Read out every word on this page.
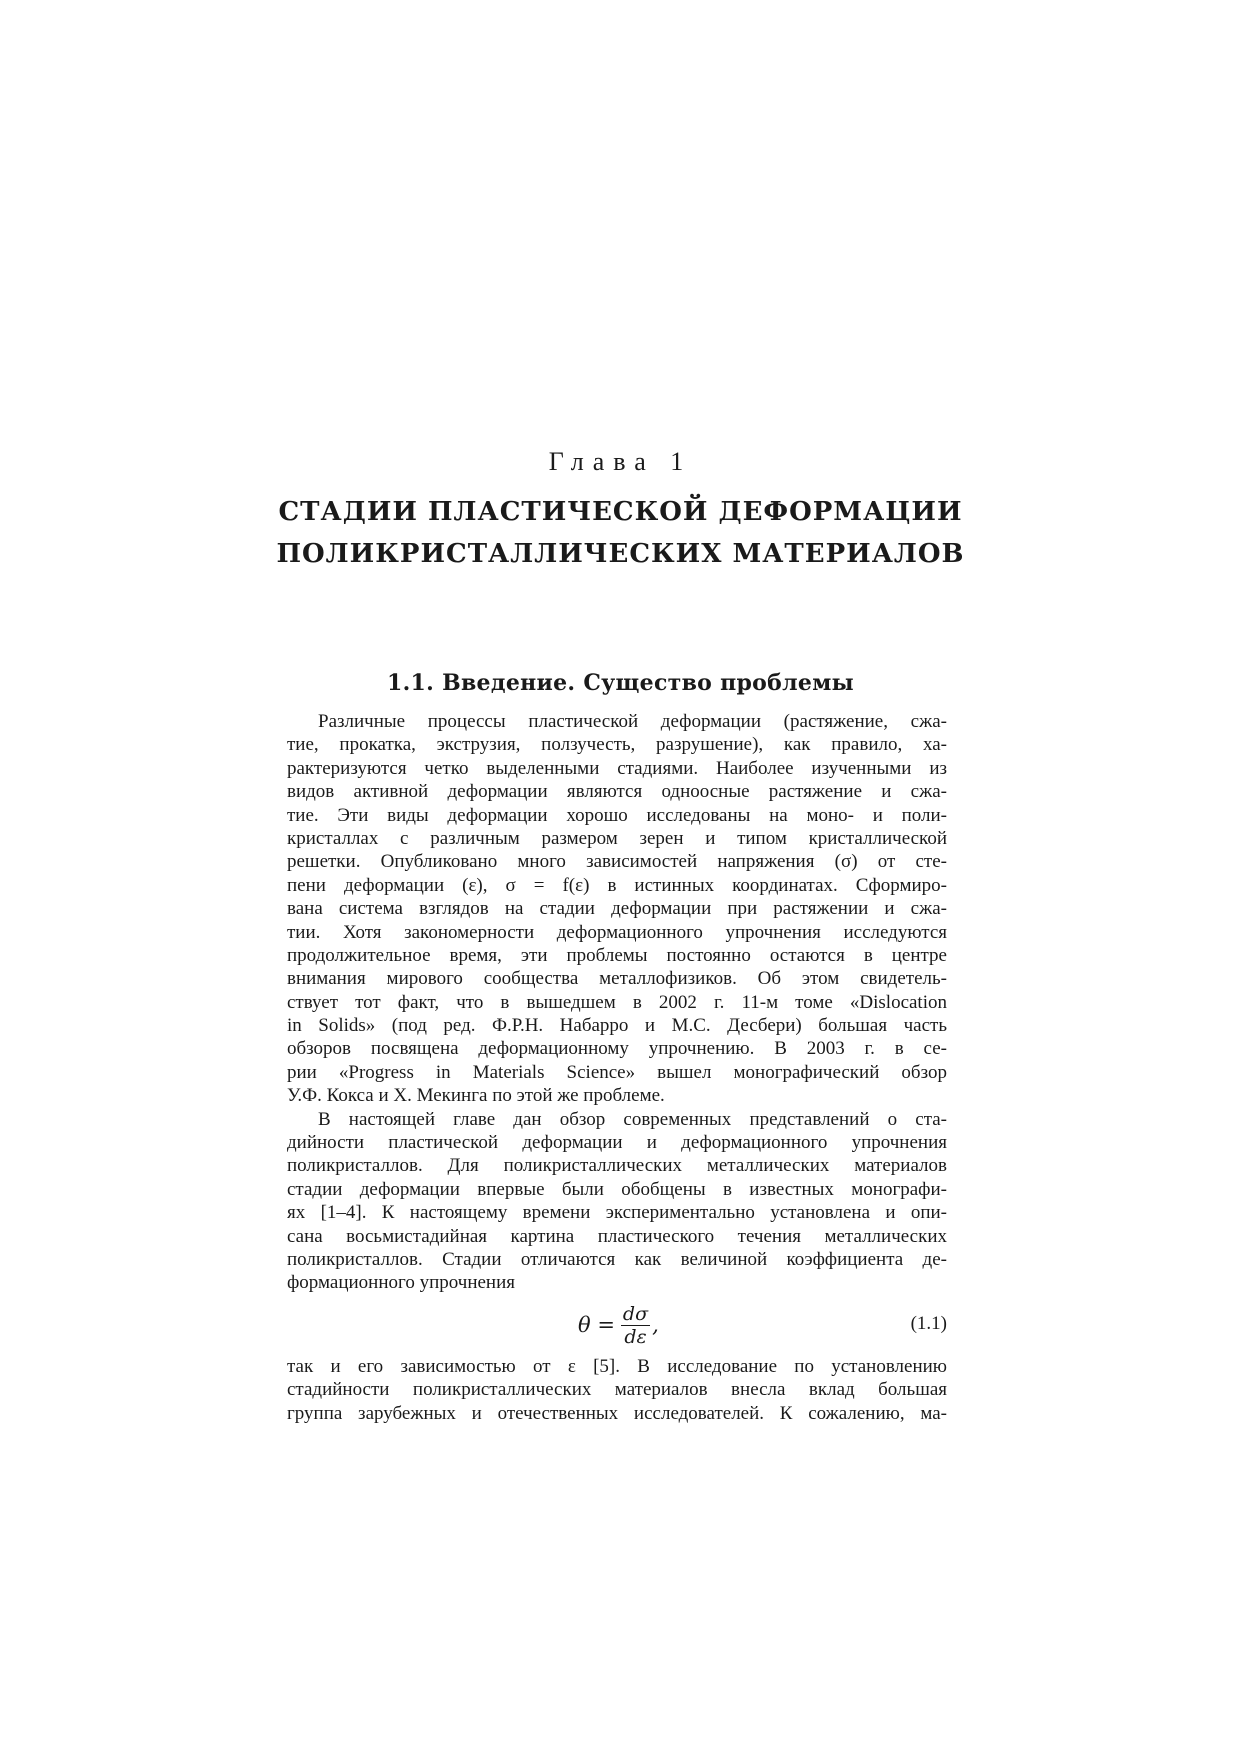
Глава 1
СТАДИИ ПЛАСТИЧЕСКОЙ ДЕФОРМАЦИИ
ПОЛИКРИСТАЛЛИЧЕСКИХ МАТЕРИАЛОВ
1.1. Введение. Существо проблемы
Различные процессы пластической деформации (растяжение, сжа-
тие, прокатка, экструзия, ползучесть, разрушение), как правило, ха-
рактеризуются четко выделенными стадиями. Наиболее изученными из
видов активной деформации являются одноосные растяжение и сжа-
тие. Эти виды деформации хорошо исследованы на моно- и поли-
кристаллах с различным размером зерен и типом кристаллической
решетки. Опубликовано много зависимостей напряжения (σ) от сте-
пени деформации (ε), σ = f(ε) в истинных координатах. Сформиро-
вана система взглядов на стадии деформации при растяжении и сжа-
тии. Хотя закономерности деформационного упрочнения исследуются
продолжительное время, эти проблемы постоянно остаются в центре
внимания мирового сообщества металлофизиков. Об этом свидетель-
ствует тот факт, что в вышедшем в 2002 г. 11-м томе «Dislocation
in Solids» (под ред. Ф.Р.Н. Набарро и М.С. Десбери) большая часть
обзоров посвящена деформационному упрочнению. В 2003 г. в се-
рии «Progress in Materials Science» вышел монографический обзор
У.Ф. Кокса и Х. Мекинга по этой же проблеме.
В настоящей главе дан обзор современных представлений о ста-
дийности пластической деформации и деформационного упрочнения
поликристаллов. Для поликристаллических металлических материалов
стадии деформации впервые были обобщены в известных монографи-
ях [1–4]. К настоящему времени экспериментально установлена и опи-
сана восьмистадийная картина пластического течения металлических
поликристаллов. Стадии отличаются как величиной коэффициента де-
формационного упрочнения
$\theta = \frac{d\sigma}{d\varepsilon}$ ,	(1.1)
так и его зависимостью от ε [5]. В исследование по установлению
стадийности поликристаллических материалов внесла вклад большая
группа зарубежных и отечественных исследователей. К сожалению, ма-
